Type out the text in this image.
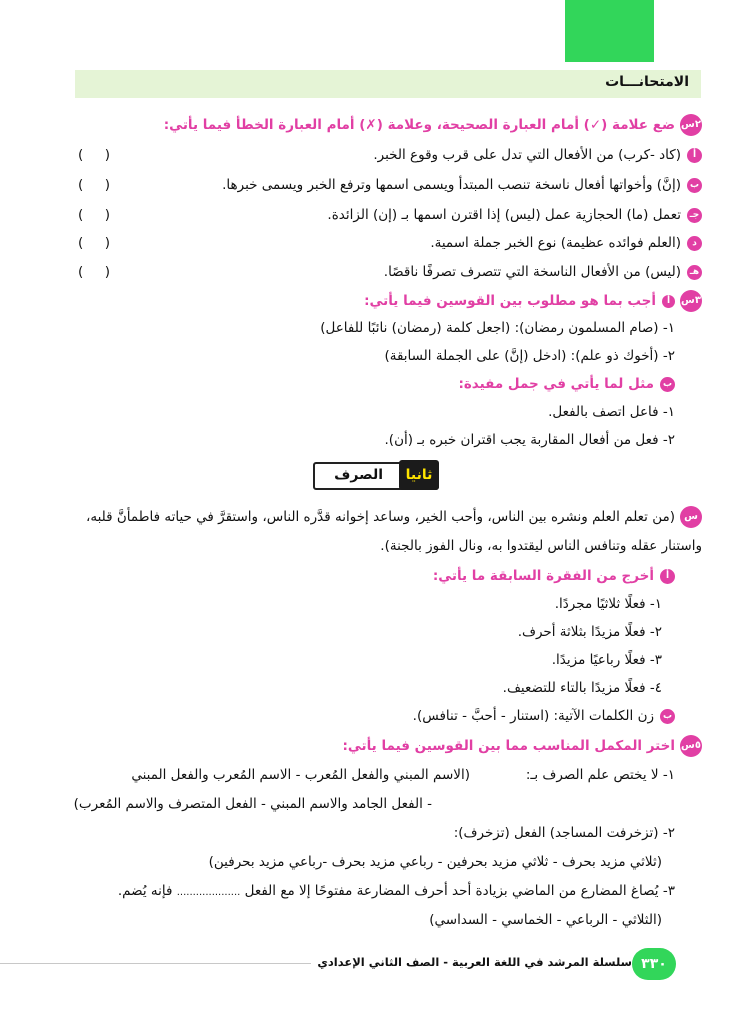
الامتحانـــات
٢سضع علامة (✓) أمام العبارة الصحيحة، وعلامة (✗) أمام العبارة الخطأ فيما يأتي:
أ(كاد -كرب) من الأفعال التي تدل على قرب وقوع الخبر.
(     )
ب(إنَّ) وأخواتها أفعال ناسخة تنصب المبتدأ ويسمى اسمها وترفع الخبر ويسمى خبرها.
(     )
جـتعمل (ما) الحجازية عمل (ليس) إذا اقترن اسمها بـ (إن) الزائدة.
(     )
د(العلم فوائده عظيمة) نوع الخبر جملة اسمية.
(     )
هـ(ليس) من الأفعال الناسخة التي تتصرف تصرفًا ناقصًا.
(     )
٣سأأجب بما هو مطلوب بين القوسين فيما يأتي:
١- (صام المسلمون رمضان): (اجعل كلمة (رمضان) نائبًا للفاعل)
٢- (أخوك ذو علم): (ادخل (إنَّ) على الجملة السابقة)
بمثل لما يأتي في جمل مفيدة:
١- فاعل اتصف بالفعل.
٢- فعل من أفعال المقاربة يجب اقتران خبره بـ (أن).
ثانيا
الصرف
س(من تعلم العلم ونشره بين الناس، وأحب الخير، وساعد إخوانه قدَّره الناس، واستقرَّ في حياته فاطمأنَّ قلبه،
واستنار عقله وتنافس الناس ليقتدوا به، ونال الفوز بالجنة).
أأخرج من الفقرة السابقة ما يأتي:
١- فعلًا ثلاثيًا مجردًا.
٢- فعلًا مزيدًا بثلاثة أحرف.
٣- فعلًا رباعيًا مزيدًا.
٤- فعلًا مزيدًا بالتاء للتضعيف.
بزن الكلمات الآتية: (استنار - أحبَّ - تنافس).
٥ساختر المكمل المناسب مما بين القوسين فيما يأتي:
١- لا يختص علم الصرف بـ:
(الاسم المبني والفعل المُعرب - الاسم المُعرب والفعل المبني
- الفعل الجامد والاسم المبني - الفعل المتصرف والاسم المُعرب)
٢- (تزخرفت المساجد) الفعل (تزخرف):
(ثلاثي مزيد بحرف - ثلاثي مزيد بحرفين - رباعي مزيد بحرف -رباعي مزيد بحرفين)
٣- يُصاغ المضارع من الماضي بزيادة أحد أحرف المضارعة مفتوحًا إلا مع الفعل .................... فإنه يُضم.
(الثلاثي - الرباعي - الخماسي - السداسي)
سلسلة المرشد في اللغة العربية - الصف الثاني الإعدادي ٣٣٠
